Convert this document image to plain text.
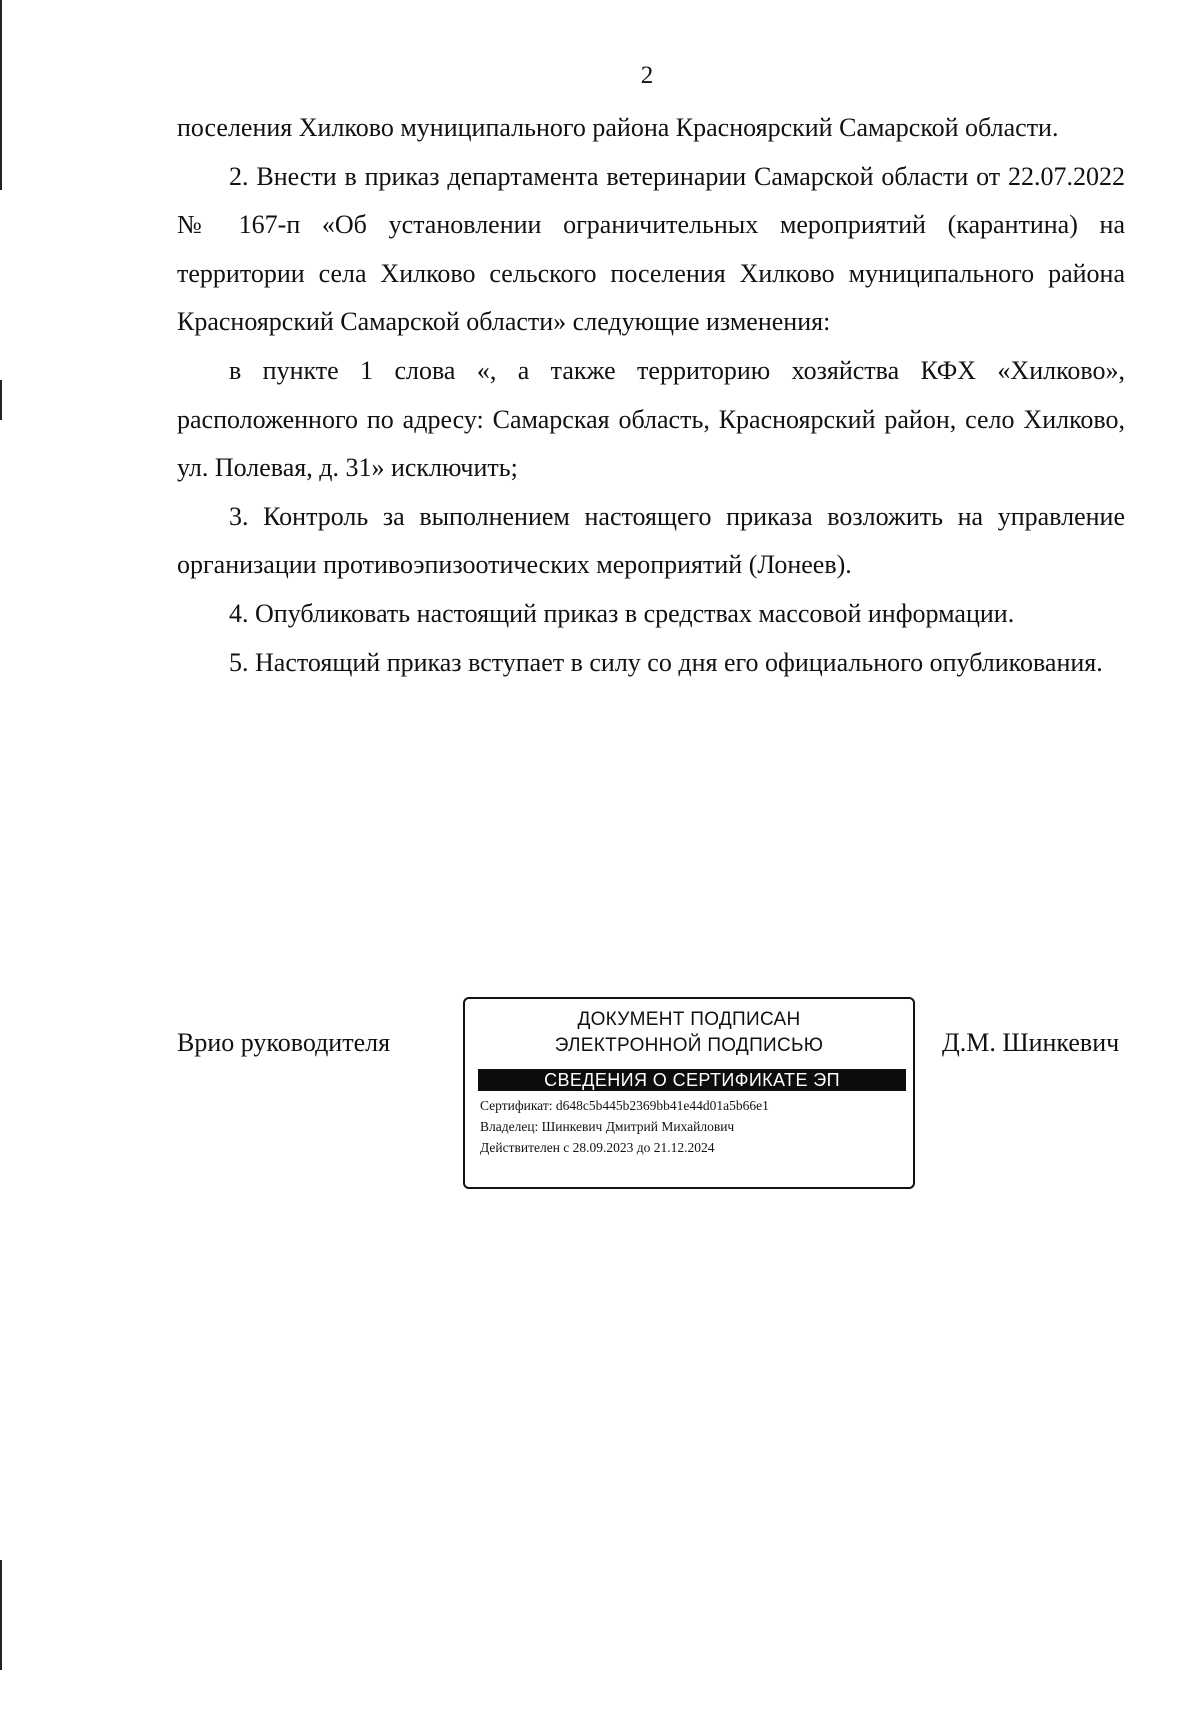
2

поселения Хилково муниципального района Красноярский Самарской области.

2. Внести в приказ департамента ветеринарии Самарской области от 22.07.2022 № 167-п «Об установлении ограничительных мероприятий (карантина) на территории села Хилково сельского поселения Хилково муниципального района Красноярский Самарской области» следующие изменения:

в пункте 1 слова «, а также территорию хозяйства КФХ «Хилково», расположенного по адресу: Самарская область, Красноярский район, село Хилково, ул. Полевая, д. 31» исключить;

3. Контроль за выполнением настоящего приказа возложить на управление организации противоэпизоотических мероприятий (Лонеев).

4. Опубликовать настоящий приказ в средствах массовой информации.

5. Настоящий приказ вступает в силу со дня его официального опубликования.

Врио руководителя
ДОКУМЕНТ ПОДПИСАН
ЭЛЕКТРОННОЙ ПОДПИСЬЮ
СВЕДЕНИЯ О СЕРТИФИКАТЕ ЭП
Сертификат: d648c5b445b2369bb41e44d01a5b66e1
Владелец: Шинкевич Дмитрий Михайлович
Действителен с 28.09.2023 до 21.12.2024
Д.М. Шинкевич
